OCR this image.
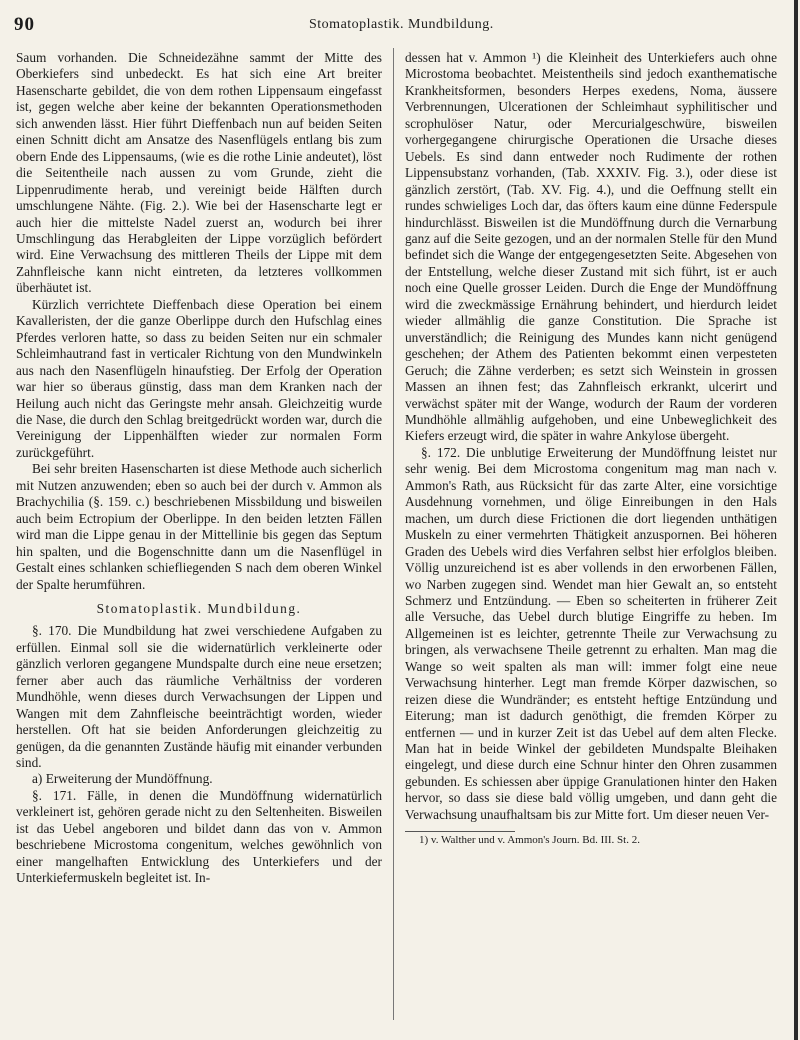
90	Stomatoplastik. Mundbildung.

Saum vorhanden. Die Schneidezähne sammt der Mitte des Oberkiefers sind unbedeckt. Es hat sich eine Art breiter Hasenscharte gebildet, die von dem rothen Lippensaum eingefasst ist, gegen welche aber keine der bekannten Operationsmethoden sich anwenden lässt. Hier führt Dieffenbach nun auf beiden Seiten einen Schnitt dicht am Ansatze des Nasenflügels entlang bis zum obern Ende des Lippensaums, (wie es die rothe Linie andeutet), löst die Seitentheile nach aussen zu vom Grunde, zieht die Lippenrudimente herab, und vereinigt beide Hälften durch umschlungene Nähte. (Fig. 2.). Wie bei der Hasenscharte legt er auch hier die mittelste Nadel zuerst an, wodurch bei ihrer Umschlingung das Herabgleiten der Lippe vorzüglich befördert wird. Eine Verwachsung des mittleren Theils der Lippe mit dem Zahnfleische kann nicht eintreten, da letzteres vollkommen überhäutet ist.

Kürzlich verrichtete Dieffenbach diese Operation bei einem Kavalleristen, der die ganze Oberlippe durch den Hufschlag eines Pferdes verloren hatte, so dass zu beiden Seiten nur ein schmaler Schleimhautrand fast in verticaler Richtung von den Mundwinkeln aus nach den Nasenflügeln hinaufstieg. Der Erfolg der Operation war hier so überaus günstig, dass man dem Kranken nach der Heilung auch nicht das Geringste mehr ansah. Gleichzeitig wurde die Nase, die durch den Schlag breitgedrückt worden war, durch die Vereinigung der Lippenhälften wieder zur normalen Form zurückgeführt.

Bei sehr breiten Hasenscharten ist diese Methode auch sicherlich mit Nutzen anzuwenden; eben so auch bei der durch v. Ammon als Brachychilia (§. 159. c.) beschriebenen Missbildung und bisweilen auch beim Ectropium der Oberlippe. In den beiden letzten Fällen wird man die Lippe genau in der Mittellinie bis gegen das Septum hin spalten, und die Bogenschnitte dann um die Nasenflügel in Gestalt eines schlanken schiefliegenden S nach dem oberen Winkel der Spalte herumführen.

Stomatoplastik. Mundbildung.

§. 170. Die Mundbildung hat zwei verschiedene Aufgaben zu erfüllen. Einmal soll sie die widernatürlich verkleinerte oder gänzlich verloren gegangene Mundspalte durch eine neue ersetzen; ferner aber auch das räumliche Verhältniss der vorderen Mundhöhle, wenn dieses durch Verwachsungen der Lippen und Wangen mit dem Zahnfleische beeinträchtigt worden, wieder herstellen. Oft hat sie beiden Anforderungen gleichzeitig zu genügen, da die genannten Zustände häufig mit einander verbunden sind.

a) Erweiterung der Mundöffnung.

§. 171. Fälle, in denen die Mundöffnung widernatürlich verkleinert ist, gehören gerade nicht zu den Seltenheiten. Bisweilen ist das Uebel angeboren und bildet dann das von v. Ammon beschriebene Microstoma congenitum, welches gewöhnlich von einer mangelhaften Entwicklung des Unterkiefers und der Unterkiefermuskeln begleitet ist. In-

dessen hat v. Ammon ¹) die Kleinheit des Unterkiefers auch ohne Microstoma beobachtet. Meistentheils sind jedoch exanthematische Krankheitsformen, besonders Herpes exedens, Noma, äussere Verbrennungen, Ulcerationen der Schleimhaut syphilitischer und scrophulöser Natur, oder Mercurialgeschwüre, bisweilen vorhergegangene chirurgische Operationen die Ursache dieses Uebels. Es sind dann entweder noch Rudimente der rothen Lippensubstanz vorhanden, (Tab. XXXIV. Fig. 3.), oder diese ist gänzlich zerstört, (Tab. XV. Fig. 4.), und die Oeffnung stellt ein rundes schwieliges Loch dar, das öfters kaum eine dünne Federspule hindurchlässt. Bisweilen ist die Mundöffnung durch die Vernarbung ganz auf die Seite gezogen, und an der normalen Stelle für den Mund befindet sich die Wange der entgegengesetzten Seite. Abgesehen von der Entstellung, welche dieser Zustand mit sich führt, ist er auch noch eine Quelle grosser Leiden. Durch die Enge der Mundöffnung wird die zweckmässige Ernährung behindert, und hierdurch leidet wieder allmählig die ganze Constitution. Die Sprache ist unverständlich; die Reinigung des Mundes kann nicht genügend geschehen; der Athem des Patienten bekommt einen verpesteten Geruch; die Zähne verderben; es setzt sich Weinstein in grossen Massen an ihnen fest; das Zahnfleisch erkrankt, ulcerirt und verwächst später mit der Wange, wodurch der Raum der vorderen Mundhöhle allmählig aufgehoben, und eine Unbeweglichkeit des Kiefers erzeugt wird, die später in wahre Ankylose übergeht.

§. 172. Die unblutige Erweiterung der Mundöffnung leistet nur sehr wenig. Bei dem Microstoma congenitum mag man nach v. Ammon's Rath, aus Rücksicht für das zarte Alter, eine vorsichtige Ausdehnung vornehmen, und ölige Einreibungen in den Hals machen, um durch diese Frictionen die dort liegenden unthätigen Muskeln zu einer vermehrten Thätigkeit anzuspornen. Bei höheren Graden des Uebels wird dies Verfahren selbst hier erfolglos bleiben. Völlig unzureichend ist es aber vollends in den erworbenen Fällen, wo Narben zugegen sind. Wendet man hier Gewalt an, so entsteht Schmerz und Entzündung. — Eben so scheiterten in früherer Zeit alle Versuche, das Uebel durch blutige Eingriffe zu heben. Im Allgemeinen ist es leichter, getrennte Theile zur Verwachsung zu bringen, als verwachsene Theile getrennt zu erhalten. Man mag die Wange so weit spalten als man will: immer folgt eine neue Verwachsung hinterher. Legt man fremde Körper dazwischen, so reizen diese die Wundränder; es entsteht heftige Entzündung und Eiterung; man ist dadurch genöthigt, die fremden Körper zu entfernen — und in kurzer Zeit ist das Uebel auf dem alten Flecke. Man hat in beide Winkel der gebildeten Mundspalte Bleihaken eingelegt, und diese durch eine Schnur hinter den Ohren zusammen gebunden. Es schiessen aber üppige Granulationen hinter den Haken hervor, so dass sie diese bald völlig umgeben, und dann geht die Verwachsung unaufhaltsam bis zur Mitte fort. Um dieser neuen Ver-

1) v. Walther und v. Ammon's Journ. Bd. III. St. 2.
